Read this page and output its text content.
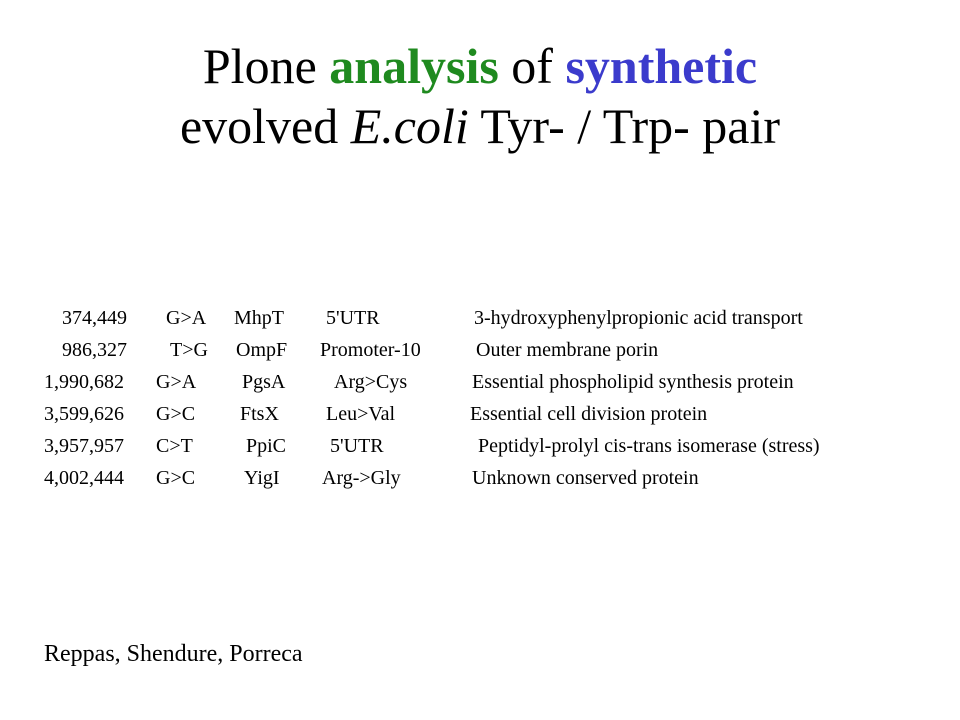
Plone analysis of synthetic
evolved E.coli Tyr- / Trp- pair
374,449 G>A MhpT 5'UTR	3-hydroxyphenylpropionic acid transport
986,327 T>G OmpF Promoter-10	Outer membrane porin
1,990,682 G>A PgsA Arg>Cys	Essential phospholipid synthesis protein
3,599,626 G>C FtsX Leu>Val	Essential cell division protein
3,957,957 C>T	PpiC 5'UTR	Peptidyl-prolyl cis-trans isomerase (stress)
4,002,444 G>C YigI Arg->Gly	Unknown conserved protein
Reppas, Shendure, Porreca
